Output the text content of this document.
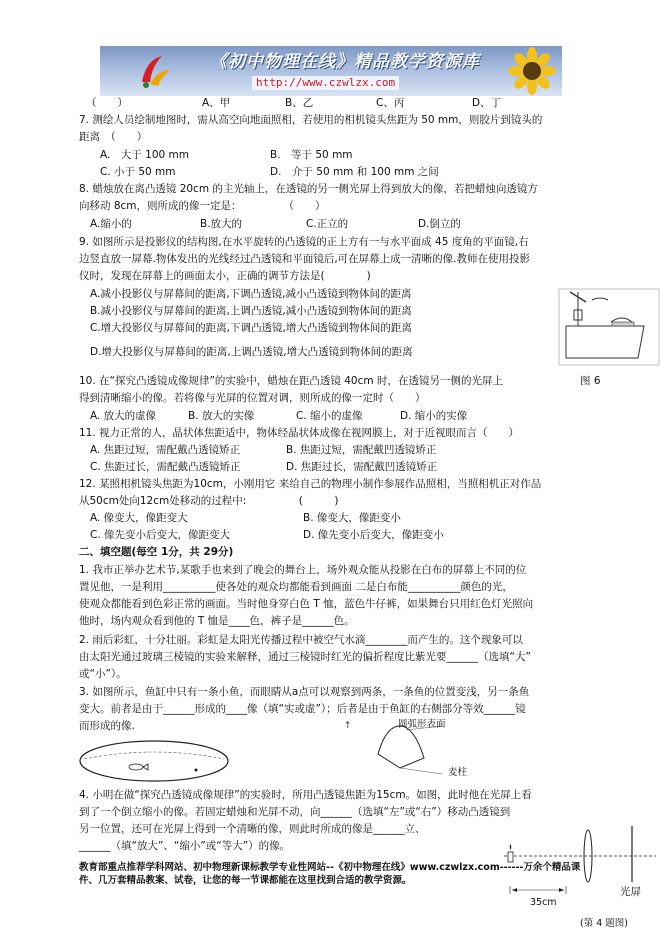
《初中物理在线》精品教学资源库
http://www.czwlzx.com
（　　）	A、甲	B、乙	C、丙	D、丁
7. 测绘人员绘制地图时，需从高空向地面照相，若使用的相机镜头焦距为 50 mm，则胶片到镜头的
距离　（　　）
A.　大于 100 mm	B.　等于 50 mm
C. 小于 50 mm	D.　介于 50 mm 和 100 mm 之间
8. 蜡烛放在离凸透镜 20cm 的主光轴上，在透镜的另一侧光屏上得到放大的像，若把蜡烛向透镜方
向移动 8cm，则所成的像一定是：　　　　　（　　）
A.缩小的	B.放大的	C.正立的	D.倒立的
9. 如图所示是投影仪的结构图,在水平旋转的凸透镜的正上方有一与水平面成 45 度角的平面镜,右
边竖直放一屏幕.物体发出的光线经过凸透镜和平面镜后,可在屏幕上成一清晰的像.教师在使用投影
仪时，发现在屏幕上的画面太小，正确的调节方法是(　　　　)
A.减小投影仪与屏幕间的距离,下调凸透镜,减小凸透镜到物体间的距离
B.减小投影仪与屏幕间的距离,上调凸透镜,减小凸透镜到物体间的距离
C.增大投影仪与屏幕间的距离,下调凸透镜,增大凸透镜到物体间的距离
D.增大投影仪与屏幕间的距离,上调凸透镜,增大凸透镜到物体间的距离
10. 在“探究凸透镜成像规律”的实验中，蜡烛在距凸透镜 40cm 时，在透镜另一侧的光屏上	图 6
得到清晰缩小的像。若将像与光屏的位置对调，则所成的像一定时（　　）
A. 放大的虚像	B. 放大的实像	C. 缩小的虚像	D. 缩小的实像
11. 视力正常的人，晶状体焦距适中，物体经晶状体成像在视网膜上，对于近视眼而言（　　）
A. 焦距过短，需配戴凸透镜矫正	B. 焦距过短，需配戴凹透镜矫正
C. 焦距过长，需配戴凸透镜矫正	D. 焦距过长，需配戴凹透镜矫正
12. 某照相机镜头焦距为10cm，小刚用它 来给自己的物理小制作参展作品照相，当照相机正对作品
从50cm处向12cm处移动的过程中:　　　　　(　　　)
A. 像变大，像距变大	B. 像变大，像距变小
C. 像先变小后变大，像距变大	D. 像先变小后变大，像距变小
二、填空题(每空 1分，共 29分)
1. 我市正举办艺术节,某歌手也来到了晚会的舞台上，场外观众能从投影在白布的屏幕上不同的位
置见他，一是利用__________使各处的观众均都能看到画面 二是白布能__________颜色的光，
使观众都能看到色彩正常的画面。当时他身穿白色 T 恤，蓝色牛仔裤，如果舞台只用红色灯光照向
他时，场内观众看到他的 T 恤是____色，裤子是______色。
2. 雨后彩虹，十分壮丽。彩虹是太阳光传播过程中被空气水滴________而产生的。这个现象可以
由太阳光通过玻璃三棱镜的实验来解释，通过三棱镜时红光的偏折程度比紫光要______（选填“大”
或“小”）。
3. 如图所示，鱼缸中只有一条小鱼，而眼睛从a点可以观察到两条，一条鱼的位置变浅，另一条鱼
变大。前者是由于______形成的____像（填“实或虚”）；后者是由于鱼缸的右侧部分等效______镜
而形成的像.	↑	圆弧形表面
麦柱
4. 小明在做“探究凸透镜成像规律”的实验时，所用凸透镜焦距为15cm。如图，此时他在光屏上看
到了一个倒立缩小的像。若固定蜡烛和光屏不动，向______（选填“左”或“右”）移动凸透镜到
另一位置，还可在光屏上得到一个清晰的像，则此时所成的像是______立、
______（填“放大”、“缩小”或“等大”）的像。
光屏
35cm
(第 4 题图)
教育部重点推荐学科网站、初中物理新课标教学专业性网站--《初中物理在线》www.czwlzx.com------万余个精品课
件、几万套精品教案、试卷，让您的每一节课都能在这里找到合适的教学资源。
